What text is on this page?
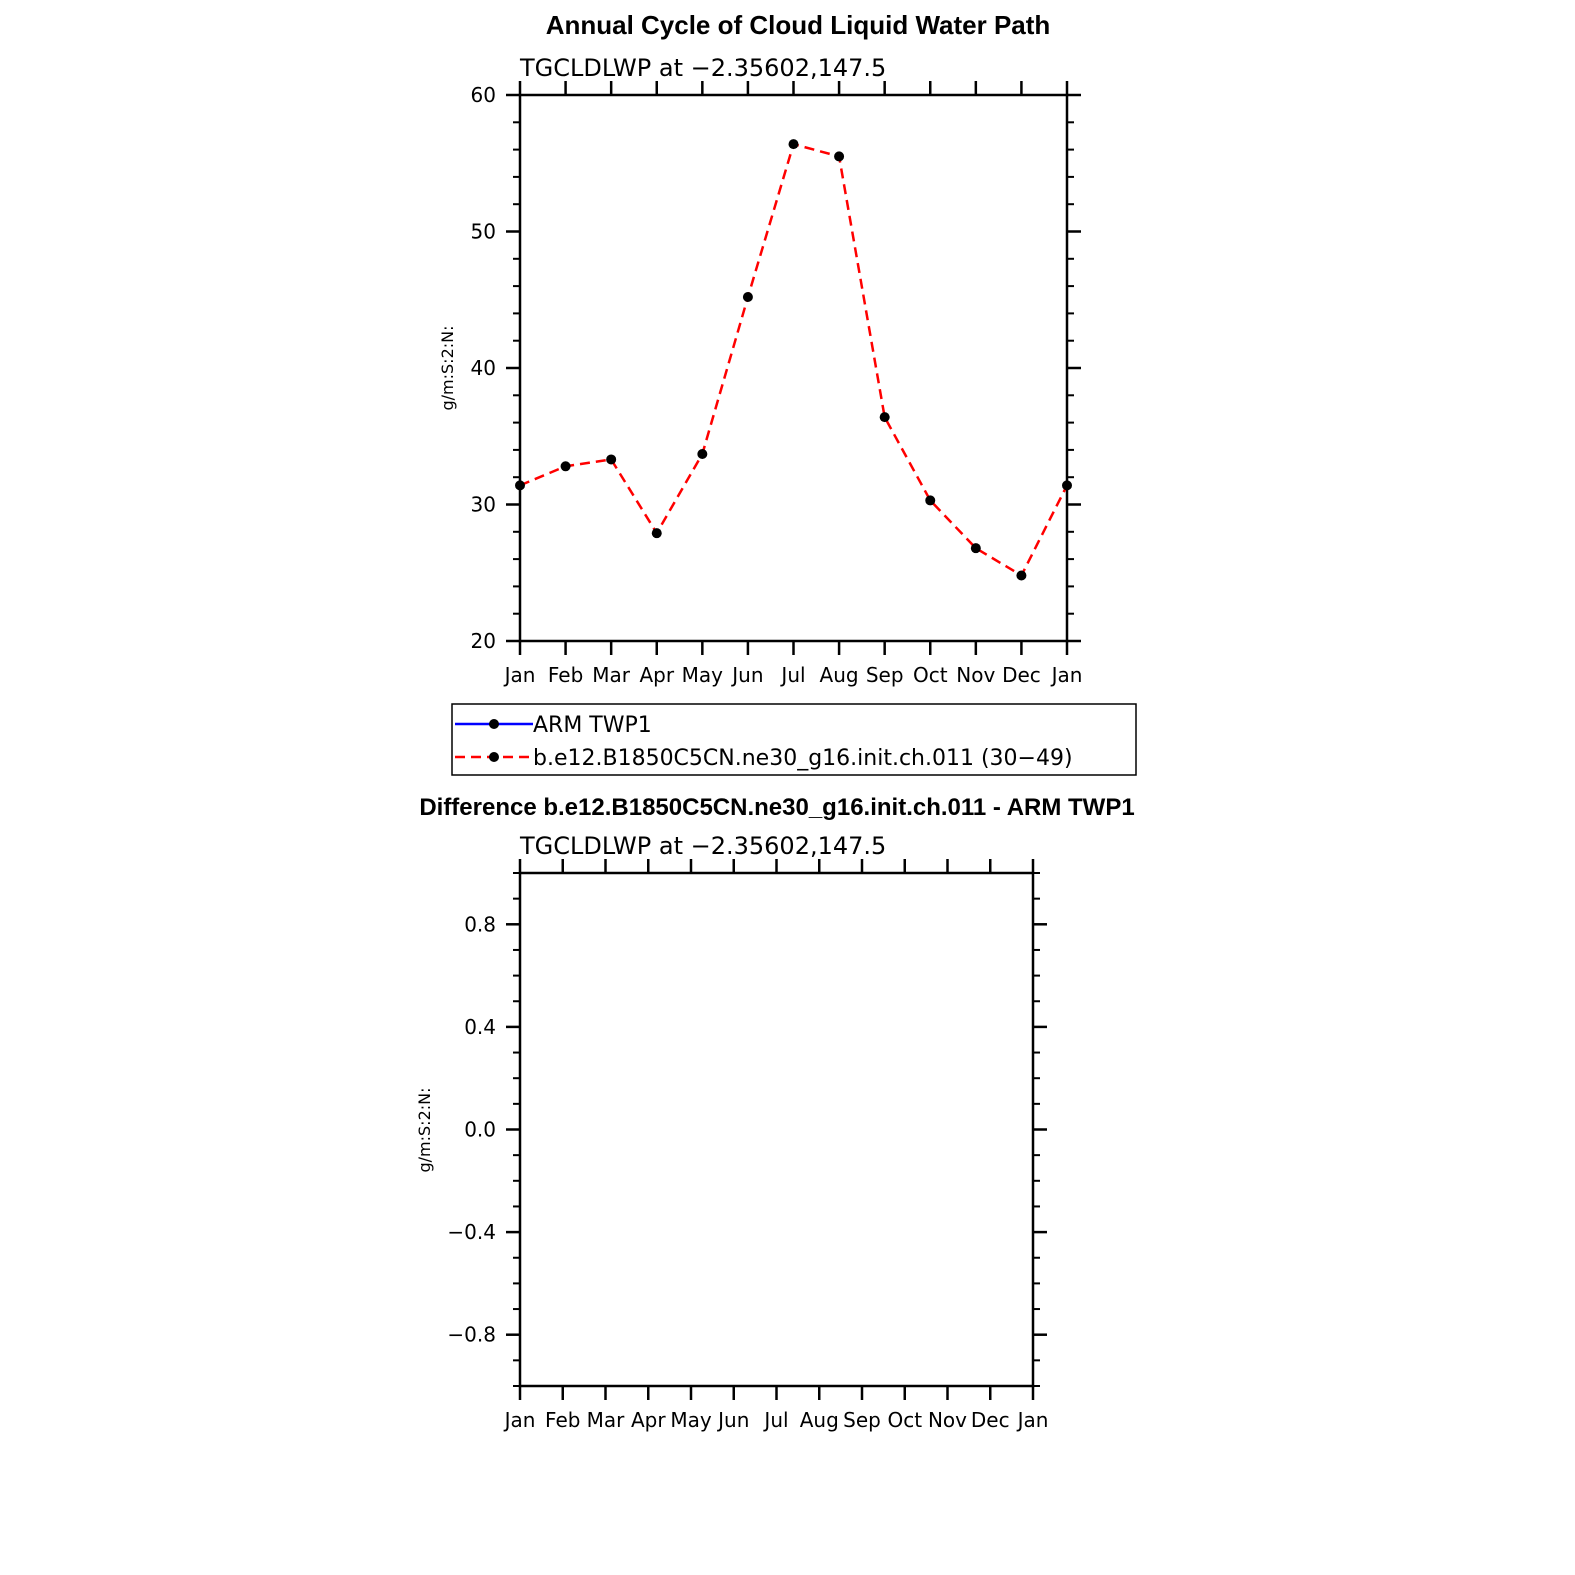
Annual Cycle of Cloud Liquid Water Path
TGCLDLWP at −2.35602,147.5
g/m:S:2:N:
Jan Feb Mar Apr May Jun Jul Aug Sep Oct Nov Dec Jan
20
30
40
50
60
ARM TWP1
b.e12.B1850C5CN.ne30_g16.init.ch.011 (30−49)
Difference b.e12.B1850C5CN.ne30_g16.init.ch.011 - ARM TWP1
TGCLDLWP at −2.35602,147.5
g/m:S:2:N:
Jan Feb Mar Apr May Jun Jul Aug Sep Oct Nov Dec Jan
−0.8
−0.4
0.0
0.4
0.8
